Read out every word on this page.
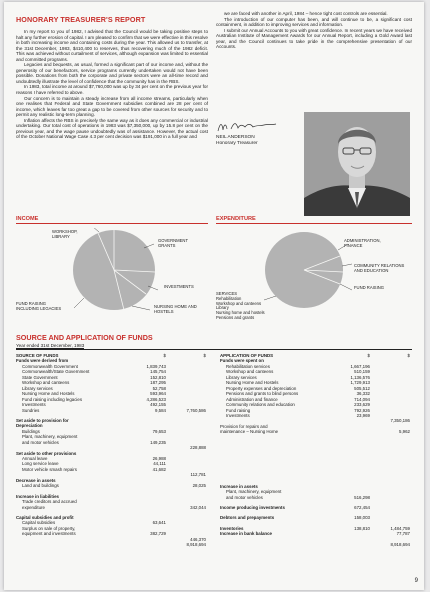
HONORARY TREASURER'S REPORT

In my report to you of 1982, I advised that the Council would be taking positive steps to halt any further erosion of capital. I am pleased to confirm that we were effective in this resolve in both increasing income and containing costs during the year. This allowed us to transfer, at the 31st December, 1983, $410,400 to reserves, thus recovering much of the 1982 deficit. This was achieved without curtailment of services, although expansion was limited to essential and committed programs.

Legacies and bequests, as usual, formed a significant part of our income and, without the generosity of our benefactors, service programs currently undertaken would not have been possible. Donations from both the corporate and private sectors were an all-time record and undoubtedly illustrate the level of confidence that the community has in the RBS.

In 1983, total income at around $7,760,000 was up by 34 per cent on the previous year for reasons I have referred to above.

Our concern is to maintain a steady increase from all income streams, particularly when one realises that Federal and State Government subsidies combined are 28 per cent of income, which leaves far too great a gap to be covered from other sources for security and to permit any realistic long-term planning.

Inflation affects the RBS in precisely the same way as it does any commercial or industrial undertaking. Our total cost of operations in 1983 was $7,350,000, up by 15.8 per cent on the previous year, and the wage pause undoubtedly was of assistance. However, the actual cost of the October National Wage Case 4.3 per cent decision was $191,000 in a full year and

we are faced with another in April, 1984 – hence tight cost controls are essential.

The introduction of our computer has been, and will continue to be, a significant cost containment, in addition to improving services and information.

I submit our Annual Accounts to you with great confidence. In recent years we have received Australian Institute of Management Awards for our Annual Report, including a Gold Award last year, and the Council continues to take pride in the comprehensive presentation of our Accounts.

NEIL ANDERSON
Honorary Treasurer
INCOME
WORKSHOP, LIBRARY
GOVERNMENT GRANTS
INVESTMENTS
NURSING HOME AND HOSTELS
FUND RAISING INCLUDING LEGACIES
EXPENDITURE
ADMINISTRATION, FINANCE
COMMUNITY RELATIONS AND EDUCATION
FUND RAISING
SERVICES
Rehabilitation
Workshop and canteens
Library
Nursing home and hostels
Pensions and grants
SOURCE AND APPLICATION OF FUNDS
Year ended 31st December, 1983
SOURCE OF FUNDS	$	$
Funds were derived from
Commonwealth Government	1,839,743
Commonwealth/State Government	145,754
State Government	152,810
Workshop and canteens	187,295
Library services	52,758
Nursing Home and Hostels	593,964
Fund raising including legacies	4,286,523
Investments	492,155
Sundries	9,584	7,760,586
Set aside to provision for
Depreciation
Buildings	79,653
Plant, machinery, equipment
and motor vehicles	149,235
228,888
Set aside to other provisions
Annual leave	26,988
Long service leave	44,111
Motor vehicle smash repairs	41,682
112,781
Decrease in assets
Land and buildings	28,025
Increase in liabilities
Trade creditors and accrued
expenditure	342,044
Capital subsidies and profit
Capital subsidies	63,641
Surplus on sale of property,
equipment and investments	382,729
446,370
8,918,694
APPLICATION OF FUNDS	$	$
Funds were spent on
Rehabilitation services	1,667,196
Workshop and canteens	510,159
Library services	1,136,576
Nursing Home and Hostels	1,729,913
Property expenses and depreciation	505,512
Pensions and grants to blind persons	36,332
Administration and finance	714,094
Community relations and education	233,629
Fund raising	792,926
Investments	23,969
7,350,186
Provision for repairs and
maintenance – Nursing Home	5,962
Increase in assets
Plant, machinery, equipment
and motor vehicles	516,298
Income producing investments	672,454
Debtors and prepayments	158,003
Inventories	138,810	1,484,759
Increase in bank balance	77,787
8,918,694
9
